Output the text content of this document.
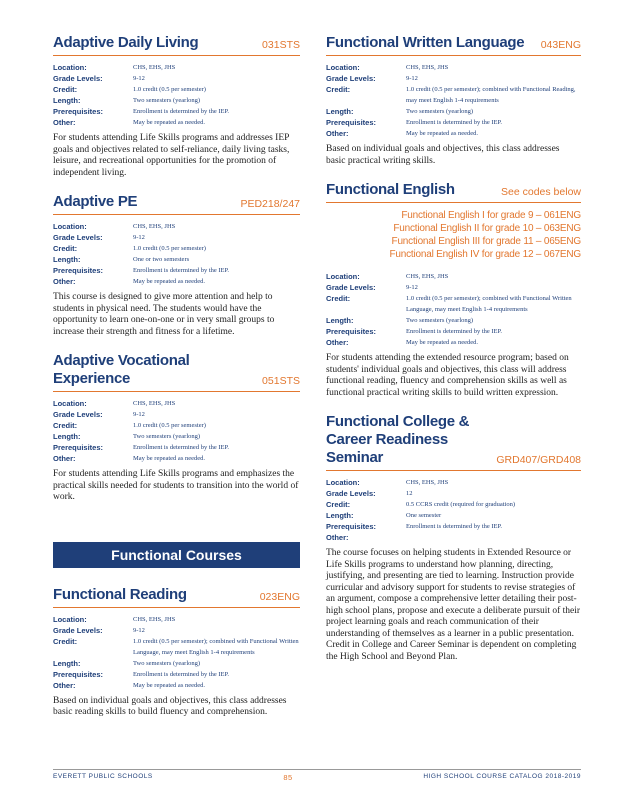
Adaptive Daily Living	031STS
Location:	CHS, EHS, JHS
Grade Levels:	9-12
Credit:	1.0 credit (0.5 per semester)
Length:	Two semesters (yearlong)
Prerequisites:	Enrollment is determined by the IEP.
Other:	May be repeated as needed.

For students attending Life Skills programs and addresses IEP goals and objectives related to self-reliance, daily living tasks, leisure, and recreational opportunities for the promotion of independent living.

Adaptive PE	PED218/247
Location:	CHS, EHS, JHS
Grade Levels:	9-12
Credit:	1.0 credit (0.5 per semester)
Length:	One or two semesters
Prerequisites:	Enrollment is determined by the IEP.
Other:	May be repeated as needed.

This course is designed to give more attention and help to students in physical need. The students would have the opportunity to learn one-on-one or in very small groups to increase their strength and fitness for a lifetime.

Adaptive Vocational Experience	051STS
Location:	CHS, EHS, JHS
Grade Levels:	9-12
Credit:	1.0 credit (0.5 per semester)
Length:	Two semesters (yearlong)
Prerequisites:	Enrollment is determined by the IEP.
Other:	May be repeated as needed.

For students attending Life Skills programs and emphasizes the practical skills needed for students to transition into the world of work.

Functional Courses
Functional Reading	023ENG
Location:	CHS, EHS, JHS
Grade Levels:	9-12
Credit:	1.0 credit (0.5 per semester); combined with Functional Written Language, may meet English 1-4 requirements
Length:	Two semesters (yearlong)
Prerequisites:	Enrollment is determined by the IEP.
Other:	May be repeated as needed.

Based on individual goals and objectives, this class addresses basic reading skills to build fluency and comprehension.

Functional Written Language 043ENG
Location:	CHS, EHS, JHS
Grade Levels:	9-12
Credit:	1.0 credit (0.5 per semester); combined with Functional Reading, may meet English 1-4 requirements
Length:	Two semesters (yearlong)
Prerequisites:	Enrollment is determined by the IEP.
Other:	May be repeated as needed.

Based on individual goals and objectives, this class addresses basic practical writing skills.

Functional English	See codes below
Functional English I for grade 9 – 061ENG
Functional English II for grade 10 – 063ENG
Functional English III for grade 11 – 065ENG
Functional English IV for grade 12 – 067ENG
Location:	CHS, EHS, JHS
Grade Levels:	9-12
Credit:	1.0 credit (0.5 per semester); combined with Functional Written Language, may meet English 1-4 requirements
Length:	Two semesters (yearlong)
Prerequisites:	Enrollment is determined by the IEP.
Other:	May be repeated as needed.

For students attending the extended resource program; based on students' individual goals and objectives, this class will address functional reading, fluency and comprehension skills as well as functional practical writing skills to build written expression.

Functional College & Career Readiness Seminar	GRD407/GRD408
Location:	CHS, EHS, JHS
Grade Levels:	12
Credit:	0.5 CCRS credit (required for graduation)
Length:	One semester
Prerequisites:	Enrollment is determined by the IEP.
Other:

The course focuses on helping students in Extended Resource or Life Skills programs to understand how planning, directing, justifying, and presenting are tied to learning. Instruction provide curricular and advisory support for students to revise strategies of an argument, compose a comprehensive letter detailing their post-high school plans, propose and execute a deliberate pursuit of their project learning goals and reach communication of their understanding of themselves as a learner in a public presentation. Credit in College and Career Seminar is dependent on completing the High School and Beyond Plan.

EVERETT PUBLIC SCHOOLS	85	HIGH SCHOOL COURSE CATALOG 2018-2019
